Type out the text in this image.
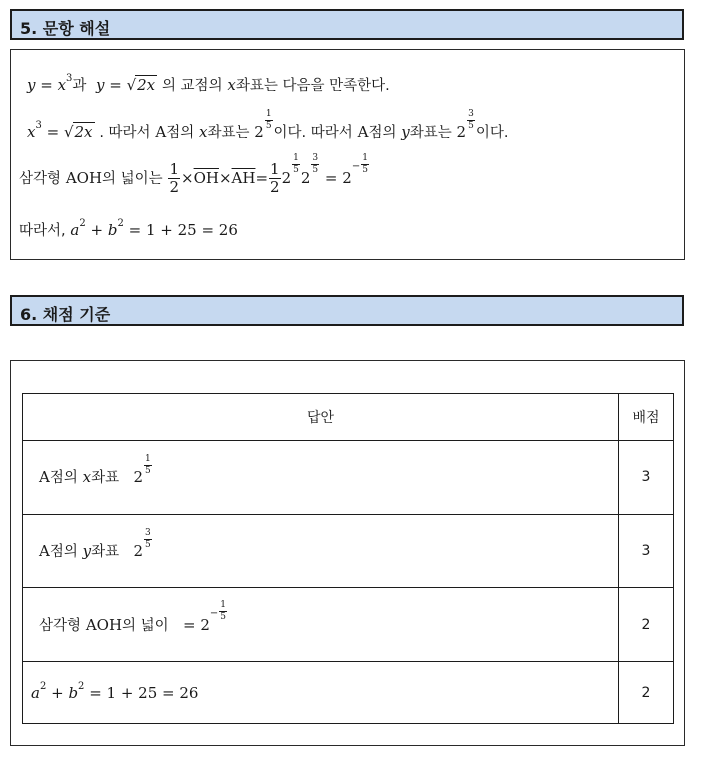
5. 문항 해설
$y = x^3$과 y = √2x 의 교점의 x좌표는 다음을 만족한다.
$x^3 = √2x$ . 따라서 A점의 x좌표는 2
$\frac{1}{5}$
이다. 따라서 A점의 y좌표는 2
$\frac{3}{5}$
이다.
삼각형 AOH의 넓이는 $\frac{1}{2} \times\overline{OH}\times\overline{AH}= \frac{1}{2} 2$
$\frac{1}{5}$
2
$\frac{3}{5}$
= $2- \frac{1}{5}$
따라서, $a^2 + b^2 = 1 + 25 = 26$
6. 채점 기준
답안	배점
A점의 x좌표 2
$\frac{1}{5}$	3
A점의 y좌표 2
$\frac{3}{5}$	3
삼각형 AOH의 넓이 = $2- \frac{1}{5}$	2
$a^2 + b^2 = 1 + 25 = 26$	2
